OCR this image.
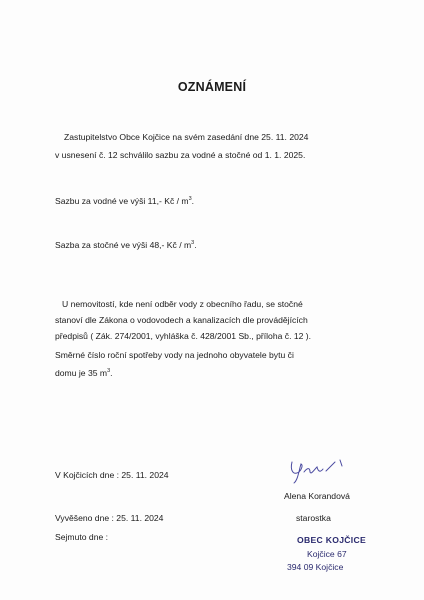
OZNÁMENÍ
Zastupitelstvo Obce Kojčice na svém zasedání dne 25. 11. 2024
v usnesení č. 12 schválilo sazbu za vodné a stočné od 1. 1. 2025.
Sazbu za vodné ve výši 11,- Kč / $m^3$.
Sazba za stočné ve výši 48,- Kč / $m^3$.
U nemovitostí, kde není odběr vody z obecního řadu, se stočné
stanoví dle Zákona o vodovodech a kanalizacích dle provádějících
předpisů ( Zák. 274/2001, vyhláška č. 428/2001 Sb., příloha č. 12 ).
Směrné číslo roční spotřeby vody na jednoho obyvatele bytu či
domu je 35 $m^3$.
V Kojčicích dne : 25. 11. 2024
Alena Korandová
Vyvěšeno dne : 25. 11. 2024	starostka
Sejmuto dne :	OBEC KOJČICE
Kojčice 67
394 09 Kojčice
